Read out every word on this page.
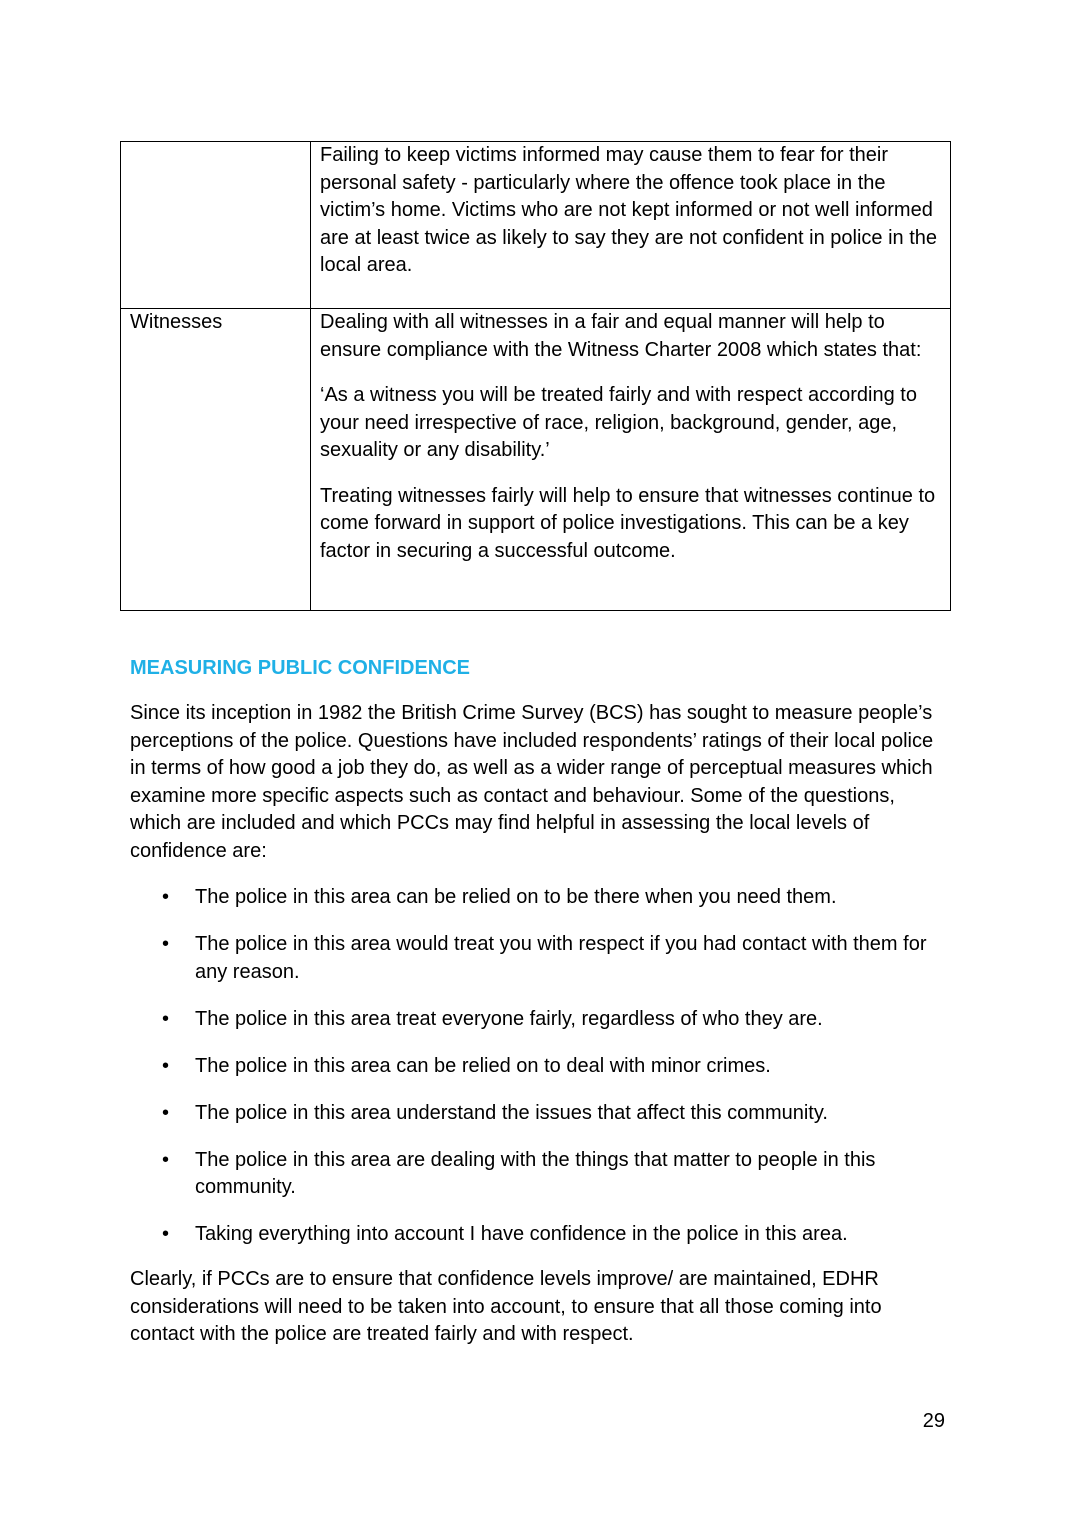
	Failing to keep victims informed may cause them to fear for their personal safety - particularly where the offence took place in the victim’s home. Victims who are not kept informed or not well informed are at least twice as likely to say they are not confident in police in the local area.

Witnesses	Dealing with all witnesses in a fair and equal manner will help to ensure compliance with the Witness Charter 2008 which states that:

‘As a witness you will be treated fairly and with respect according to your need irrespective of race, religion, background, gender, age, sexuality or any disability.’

Treating witnesses fairly will help to ensure that witnesses continue to come forward in support of police investigations. This can be a key factor in securing a successful outcome.

MEASURING PUBLIC CONFIDENCE

Since its inception in 1982 the British Crime Survey (BCS) has sought to measure people’s perceptions of the police. Questions have included respondents’ ratings of their local police in terms of how good a job they do, as well as a wider range of perceptual measures which examine more specific aspects such as contact and behaviour. Some of the questions, which are included and which PCCs may find helpful in assessing the local levels of confidence are:

• The police in this area can be relied on to be there when you need them.
• The police in this area would treat you with respect if you had contact with them for any reason.
• The police in this area treat everyone fairly, regardless of who they are.
• The police in this area can be relied on to deal with minor crimes.
• The police in this area understand the issues that affect this community.
• The police in this area are dealing with the things that matter to people in this community.
• Taking everything into account I have confidence in the police in this area.

Clearly, if PCCs are to ensure that confidence levels improve/ are maintained, EDHR considerations will need to be taken into account, to ensure that all those coming into contact with the police are treated fairly and with respect.

29
